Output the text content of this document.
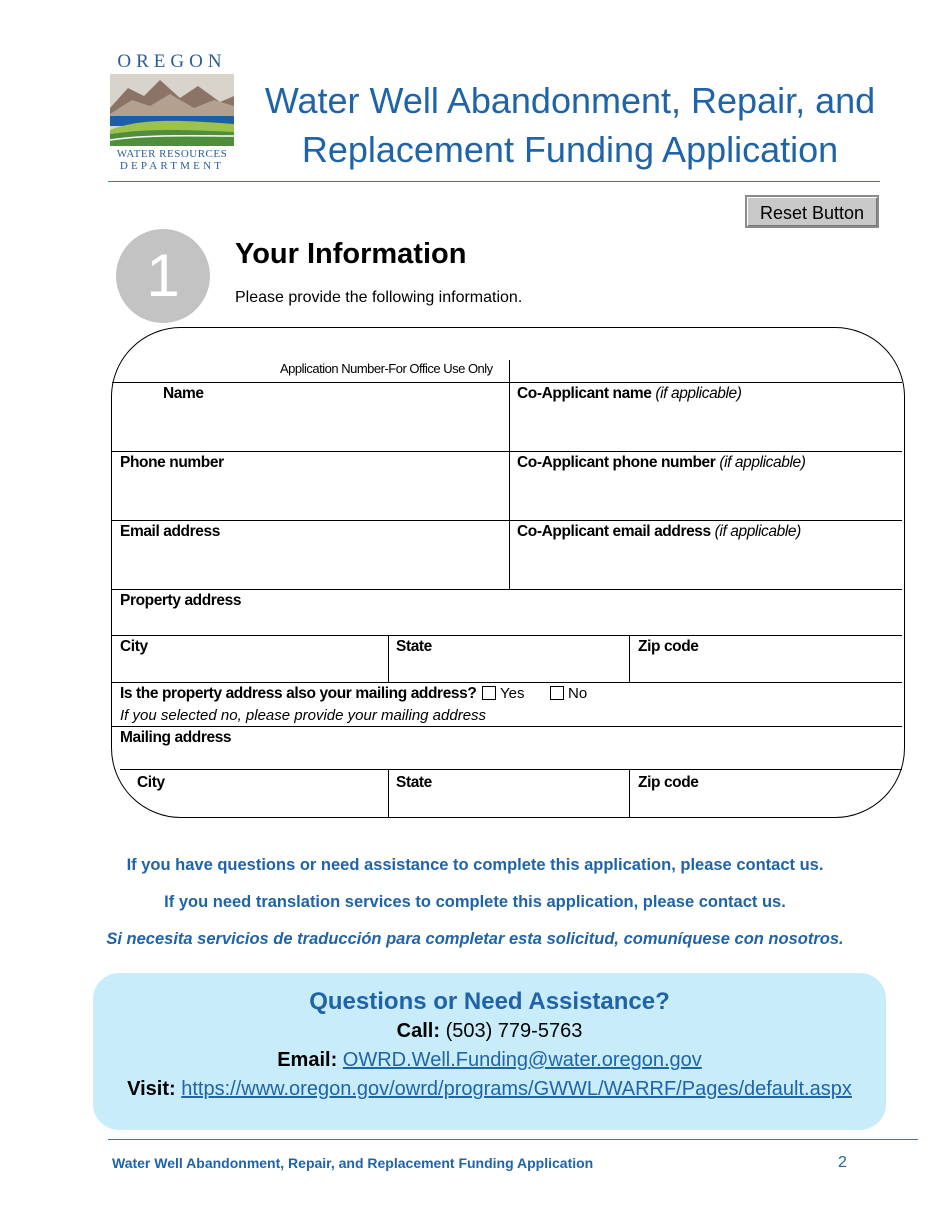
OREGON
WATER RESOURCES
DEPARTMENT
Water Well Abandonment, Repair, and
Replacement Funding Application
Reset Button
1	Your Information
Please provide the following information.
Application Number-For Office Use Only
Name	Co-Applicant name (if applicable)
Phone number	Co-Applicant phone number (if applicable)
Email address	Co-Applicant email address (if applicable)
Property address
City	State	Zip code
Is the property address also your mailing address?	Yes	No
If you selected no, please provide your mailing address
Mailing address
City	State	Zip code
If you have questions or need assistance to complete this application, please contact us.
If you need translation services to complete this application, please contact us.
Si necesita servicios de traducción para completar esta solicitud, comuníquese con nosotros.
Questions or Need Assistance?
Call: (503) 779-5763
Email: OWRD.Well.Funding@water.oregon.gov
Visit: https://www.oregon.gov/owrd/programs/GWWL/WARRF/Pages/default.aspx
Water Well Abandonment, Repair, and Replacement Funding Application	2
